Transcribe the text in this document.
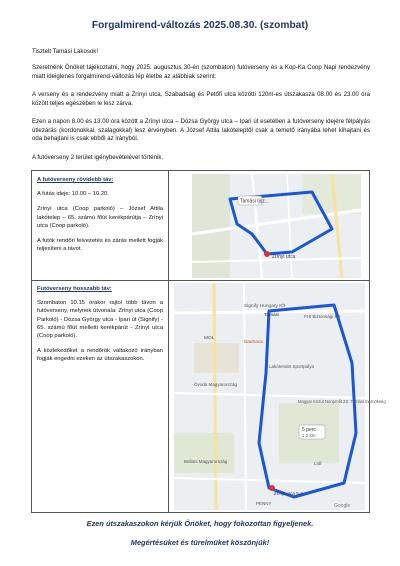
Forgalmirend-változás 2025.08.30. (szombat)

Tisztelt Tamási Lakosok!

Szeretnénk Önöket tájékoztatni, hogy 2025. augusztus 30-én (szombaton) futóverseny és a Kop-Ka Coop Napi rendezvény miatt ideiglenes forgalmirend-változás lép életbe az alábbiak szerint:

A verseny és a rendezvény miatt a Zrínyi utca, Szabadság és Petőfi utca közötti 120m-es útszakasza 08.00 és 23.00 óra között teljes egészében le lesz zárva.

Ezen a napon 8.00 és 13.00 óra között a Zrínyi utca – Dózsa György utca – Ipari út esetében a futóverseny idejére félpályás útlezárás (kordonokkal, szalagokkal) lesz érvényben. A József Attila lakóteleptől csak a temető irányába lehet kihajtani és oda behajtani is csak ebből az irányból.

A futóverseny 2 terület igénybevételével történik.

A futóverseny rövidebb táv:

A futás ideje: 10.00 – 10.20.

Zrínyi utca (Coop parkoló) – József Attila lakótelep – 65. számú főút kerékpárútja – Zrínyi utca (Coop parkoló).

A futók rendőri felvezetés és zárás mellett fogják teljesíteni a távot.

Tamási Ijsz...
Zrínyi utca

Futóverseny hosszabb táv:

Szombaton 10.15 órakor rajtol több távon a futóverseny, melynek útvonala: Zrínyi utca (Coop Parkoló) - Dózsa György utca - Ipari út (Signify) - 65. számú főút melletti kerékpárút - Zrínyi utca (Coop parkoló).

A közlekedőket a rendőrök váltakozó irányban fogják engedni ezeken az útszakaszokon.

5 perc
1,2 km
Signify Hungary Kft
Tamási	FHI Biztonsági Kft
MOL
Bauhaus
Lakóterület Sportpálya
Óvoda Magyarország
Magyar Közút Nonprofit Zrt. Tamási mérnökség
Lidl
Bellani Magyarország
Zrínyi utca 5-2
PENNY	Google
Ezen útszakaszokon kérjük Önöket, hogy fokozottan figyeljenek.
Megértésüket és türelmüket köszönjük!
